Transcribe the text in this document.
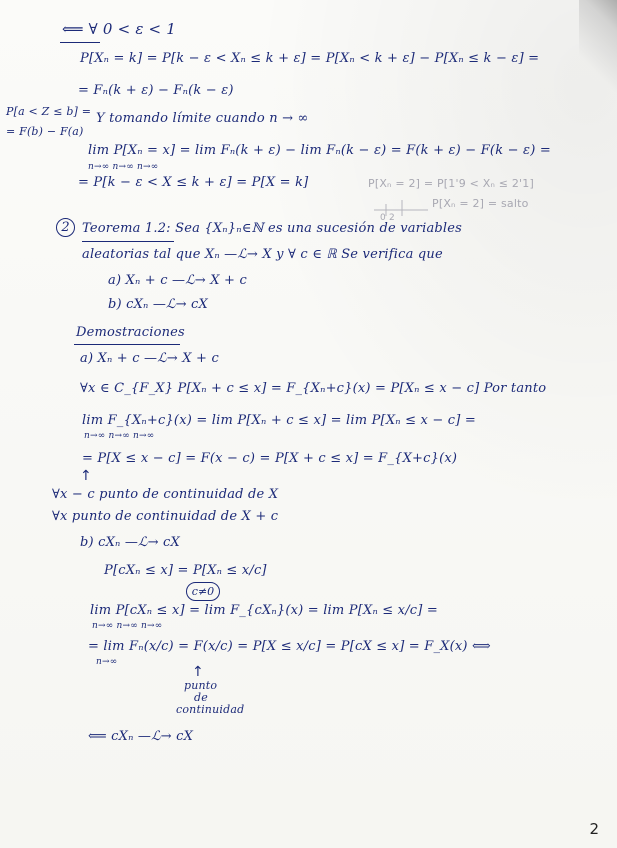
⟸ ∀ 0 < ε < 1
P[Xₙ = k] = P[k − ε < Xₙ ≤ k + ε] = P[Xₙ < k + ε] − P[Xₙ ≤ k − ε] =
= Fₙ(k + ε) − Fₙ(k − ε)
P[a < Z ≤ b] =
= F(b) − F(a)
Y tomando límite cuando n → ∞
lim P[Xₙ = x] = lim Fₙ(k + ε) − lim Fₙ(k − ε) = F(k + ε) − F(k − ε) =
n→∞ n→∞ n→∞
= P[k − ε < X ≤ k + ε] = P[X = k]	P[Xₙ = 2] = P[1'9 < Xₙ ≤ 2'1]
P[Xₙ = 2] = salto
0 2
2 Teorema 1.2: Sea {Xₙ}ₙ∈ℕ es una sucesión de variables
aleatorias tal que Xₙ —ℒ→ X y ∀ c ∈ ℝ Se verifica que
a) Xₙ + c —ℒ→ X + c
b) cXₙ —ℒ→ cX
Demostraciones
a) Xₙ + c —ℒ→ X + c
∀x ∈ C_{F_X} P[Xₙ + c ≤ x] = F_{Xₙ+c}(x) = P[Xₙ ≤ x − c] Por tanto
lim F_{Xₙ+c}(x) = lim P[Xₙ + c ≤ x] = lim P[Xₙ ≤ x − c] =
n→∞ n→∞ n→∞
= P[X ≤ x − c] = F(x − c) = P[X + c ≤ x] = F_{X+c}(x)
↑
∀x − c punto de continuidad de X
∀x punto de continuidad de X + c
b) cXₙ —ℒ→ cX
P[cXₙ ≤ x] = P[Xₙ ≤ x/c]
c≠0
lim P[cXₙ ≤ x] = lim F_{cXₙ}(x) = lim P[Xₙ ≤ x/c] =
n→∞ n→∞ n→∞
= lim Fₙ(x/c) = F(x/c) = P[X ≤ x/c] = P[cX ≤ x] = F_X(x) ⟺
n→∞
↑
punto
de
continuidad
⟸ cXₙ —ℒ→ cX
2
